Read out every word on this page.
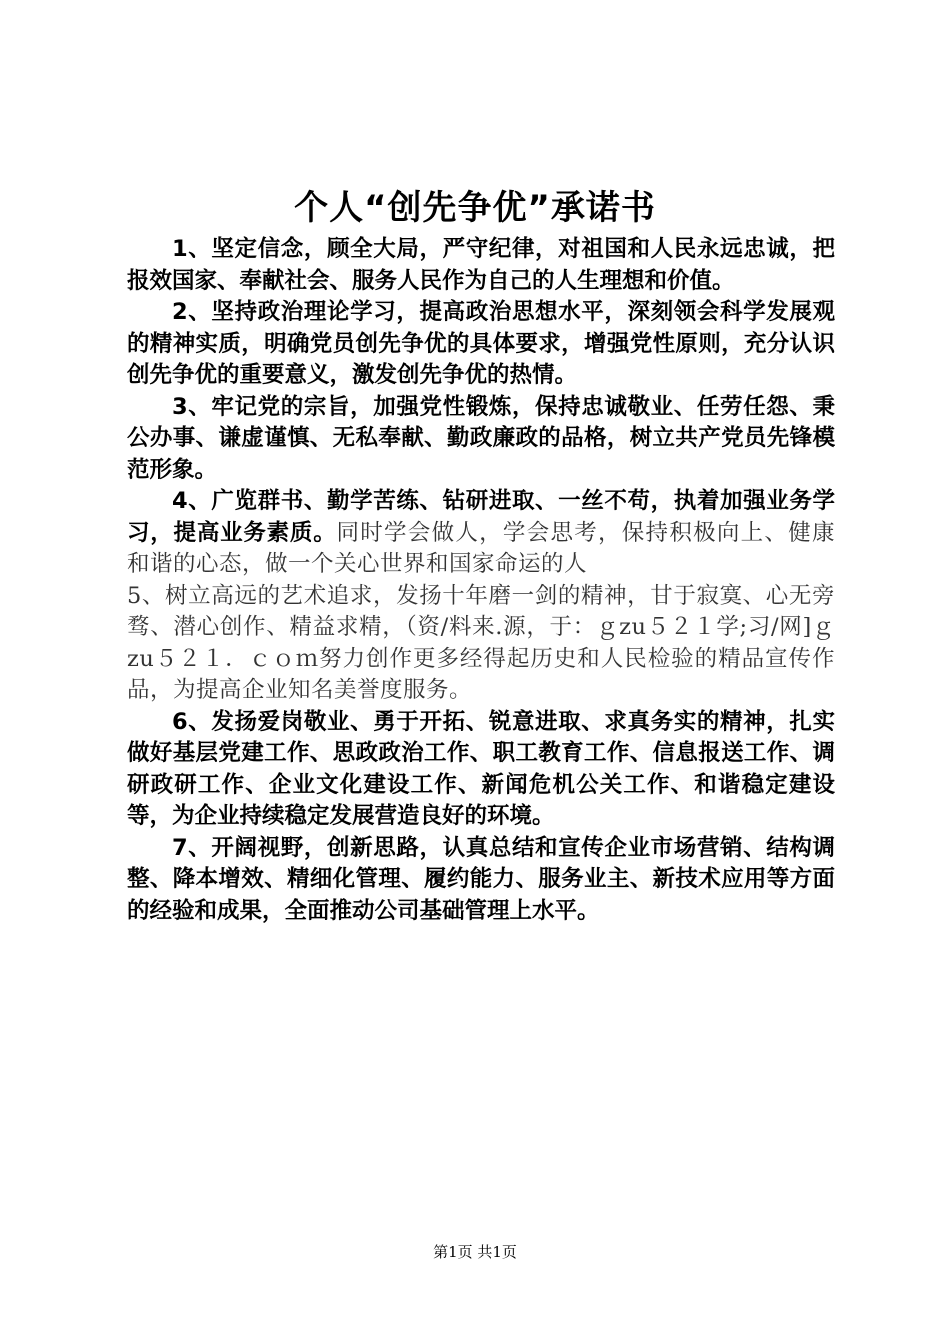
个人“创先争优”承诺书

1、坚定信念，顾全大局，严守纪律，对祖国和人民永远忠诚，把报效国家、奉献社会、服务人民作为自己的人生理想和价值。

2、坚持政治理论学习，提高政治思想水平，深刻领会科学发展观的精神实质，明确党员创先争优的具体要求，增强党性原则，充分认识创先争优的重要意义，激发创先争优的热情。

3、牢记党的宗旨，加强党性锻炼，保持忠诚敬业、任劳任怨、秉公办事、谦虚谨慎、无私奉献、勤政廉政的品格，树立共产党员先锋模范形象。

4、广览群书、勤学苦练、钻研进取、一丝不苟，执着加强业务学习，提高业务素质。同时学会做人，学会思考，保持积极向上、健康和谐的心态，做一个关心世界和国家命运的人
5、树立高远的艺术追求，发扬十年磨一剑的精神，甘于寂寞、心无旁骛、潜心创作、精益求精，（资/料来.源，于：ｇzu５２１学;习/网]ｇzu５２１．ｃｏｍ努力创作更多经得起历史和人民检验的精品宣传作品，为提高企业知名美誉度服务。

6、发扬爱岗敬业、勇于开拓、锐意进取、求真务实的精神，扎实做好基层党建工作、思政政治工作、职工教育工作、信息报送工作、调研政研工作、企业文化建设工作、新闻危机公关工作、和谐稳定建设等，为企业持续稳定发展营造良好的环境。

7、开阔视野，创新思路，认真总结和宣传企业市场营销、结构调整、降本增效、精细化管理、履约能力、服务业主、新技术应用等方面的经验和成果，全面推动公司基础管理上水平。

第1页 共1页
